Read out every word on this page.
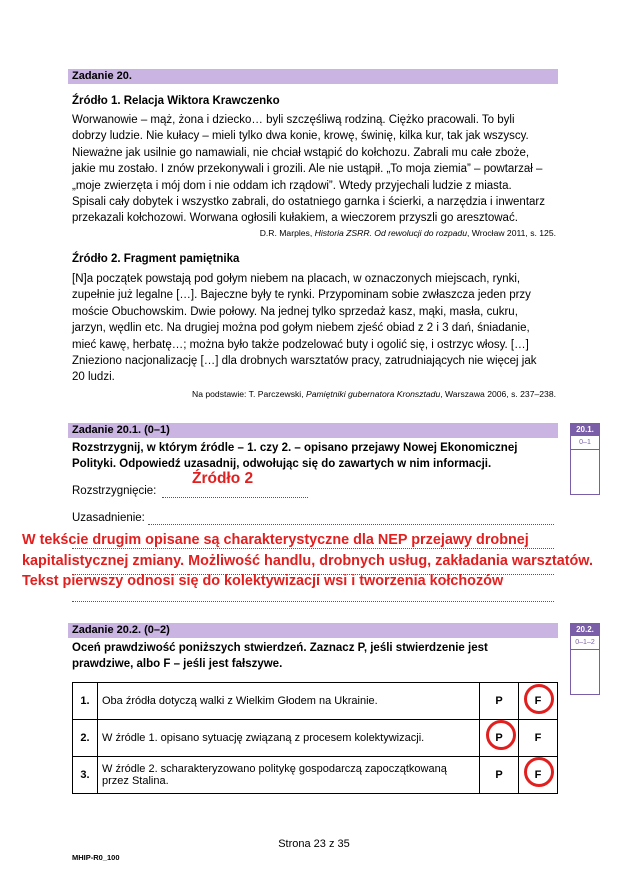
Zadanie 20.
Źródło 1. Relacja Wiktora Krawczenko
Worwanowie – mąż, żona i dziecko… byli szczęśliwą rodziną. Ciężko pracowali. To byli
dobrzy ludzie. Nie kułacy – mieli tylko dwa konie, krowę, świnię, kilka kur, tak jak wszyscy.
Nieważne jak usilnie go namawiali, nie chciał wstąpić do kołchozu. Zabrali mu całe zboże,
jakie mu zostało. I znów przekonywali i grozili. Ale nie ustąpił. „To moja ziemia” – powtarzał –
„moje zwierzęta i mój dom i nie oddam ich rządowi”. Wtedy przyjechali ludzie z miasta.
Spisali cały dobytek i wszystko zabrali, do ostatniego garnka i ścierki, a narzędzia i inwentarz
przekazali kołchozowi. Worwana ogłosili kułakiem, a wieczorem przyszli go aresztować.
D.R. Marples, Historia ZSRR. Od rewolucji do rozpadu, Wrocław 2011, s. 125.
Źródło 2. Fragment pamiętnika
[N]a początek powstają pod gołym niebem na placach, w oznaczonych miejscach, rynki,
zupełnie już legalne […]. Bajeczne były te rynki. Przypominam sobie zwłaszcza jeden przy
moście Obuchowskim. Dwie połowy. Na jednej tylko sprzedaż kasz, mąki, masła, cukru,
jarzyn, wędlin etc. Na drugiej można pod gołym niebem zjeść obiad z 2 i 3 dań, śniadanie,
mieć kawę, herbatę…; można było także podzelować buty i ogolić się, i ostrzyc włosy. […]
Znieziono nacjonalizację […] dla drobnych warsztatów pracy, zatrudniających nie więcej jak
20 ludzi.
Na podstawie: T. Parczewski, Pamiętniki gubernatora Kronsztadu, Warszawa 2006, s. 237–238.
Zadanie 20.1. (0–1)
Rozstrzygnij, w którym źródle – 1. czy 2. – opisano przejawy Nowej Ekonomicznej
Polityki. Odpowiedź uzasadnij, odwołując się do zawartych w nim informacji.
Rozstrzygnięcie:
Źródło 2
Uzasadnienie:
W tekście drugim opisane są charakterystyczne dla NEP przejawy drobnej
kapitalistycznej zmiany. Możliwość handlu, drobnych usług, zakładania warsztatów.
Tekst pierwszy odnosi się do kolektywizacji wsi i tworzenia kołchozów
20.1.
0–1
Zadanie 20.2. (0–2)
Oceń prawdziwość poniższych stwierdzeń. Zaznacz P, jeśli stwierdzenie jest
prawdziwe, albo F – jeśli jest fałszywe.
20.2.
0–1–2
1.	Oba źródła dotyczą walki z Wielkim Głodem na Ukrainie.	P	F
2.	W źródle 1. opisano sytuację związaną z procesem kolektywizacji.	P	F
3.	W źródle 2. scharakteryzowano politykę gospodarczą zapoczątkowaną przez Stalina.	P	F
Strona 23 z 35
MHIP-R0_100
